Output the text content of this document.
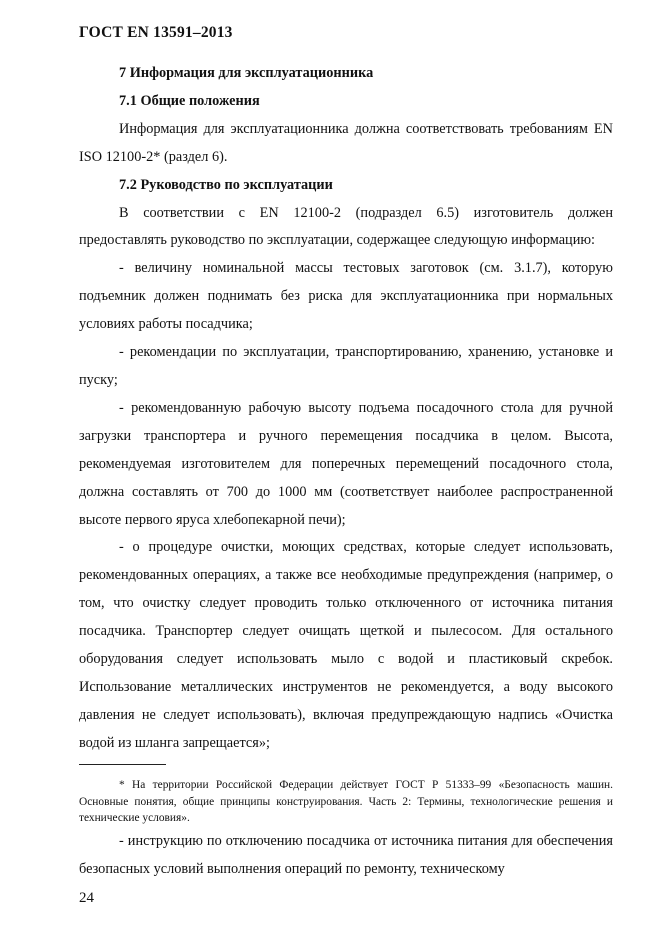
ГОСТ EN 13591–2013

7 Информация для эксплуатационника

7.1 Общие положения

Информация для эксплуатационника должна соответствовать требованиям EN ISO 12100-2* (раздел 6).

7.2 Руководство по эксплуатации

В соответствии с EN 12100-2 (подраздел 6.5) изготовитель должен предоставлять руководство по эксплуатации, содержащее следующую информацию:

- величину номинальной массы тестовых заготовок (см. 3.1.7), которую подъемник должен поднимать без риска для эксплуатационника при нормальных условиях работы посадчика;

- рекомендации по эксплуатации, транспортированию, хранению, установке и пуску;

- рекомендованную рабочую высоту подъема посадочного стола для ручной загрузки транспортера и ручного перемещения посадчика в целом. Высота, рекомендуемая изготовителем для поперечных перемещений посадочного стола, должна составлять от 700 до 1000 мм (соответствует наиболее распространенной высоте первого яруса хлебопекарной печи);

- о процедуре очистки, моющих средствах, которые следует использовать, рекомендованных операциях, а также все необходимые предупреждения (например, о том, что очистку следует проводить только отключенного от источника питания посадчика. Транспортер следует очищать щеткой и пылесосом. Для остального оборудования следует использовать мыло с водой и пластиковый скребок. Использование металлических инструментов не рекомендуется, а воду высокого давления не следует использовать), включая предупреждающую надпись «Очистка водой из шланга запрещается»;

* На территории Российской Федерации действует ГОСТ Р 51333–99 «Безопасность машин. Основные понятия, общие принципы конструирования. Часть 2: Термины, технологические решения и технические условия».

- инструкцию по отключению посадчика от источника питания для обеспечения безопасных условий выполнения операций по ремонту, техническому

24
